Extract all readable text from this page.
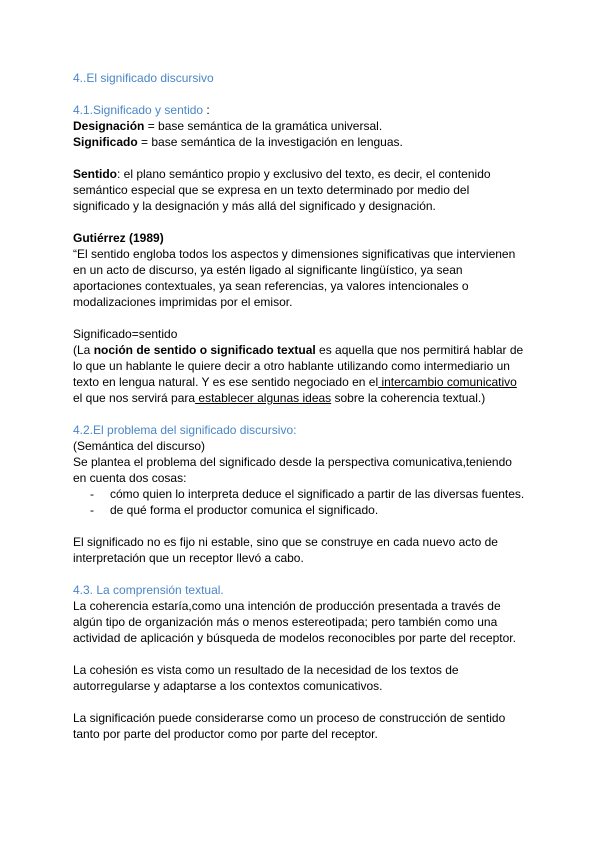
4..El significado discursivo
4.1.Significado y sentido :
Designación = base semántica de la gramática universal.
Significado = base semántica de la investigación en lenguas.
Sentido: el plano semántico propio y exclusivo del texto, es decir, el contenido
semántico especial que se expresa en un texto determinado por medio del
significado y la designación y más allá del significado y designación.
Gutiérrez (1989)
“El sentido engloba todos los aspectos y dimensiones significativas que intervienen
en un acto de discurso, ya estén ligado al significante lingüístico, ya sean
aportaciones contextuales, ya sean referencias, ya valores intencionales o
modalizaciones imprimidas por el emisor.
Significado=sentido
(La noción de sentido o significado textual es aquella que nos permitirá hablar de
lo que un hablante le quiere decir a otro hablante utilizando como intermediario un
texto en lengua natural. Y es ese sentido negociado en el intercambio comunicativo
el que nos servirá para establecer algunas ideas sobre la coherencia textual.)
4.2.El problema del significado discursivo:
(Semántica del discurso)
Se plantea el problema del significado desde la perspectiva comunicativa,teniendo
en cuenta dos cosas:
- cómo quien lo interpreta deduce el significado a partir de las diversas fuentes.
- de qué forma el productor comunica el significado.
El significado no es fijo ni estable, sino que se construye en cada nuevo acto de
interpretación que un receptor llevó a cabo.
4.3. La comprensión textual.
La coherencia estaría,como una intención de producción presentada a través de
algún tipo de organización más o menos estereotipada; pero también como una
actividad de aplicación y búsqueda de modelos reconocibles por parte del receptor.
La cohesión es vista como un resultado de la necesidad de los textos de
autorregularse y adaptarse a los contextos comunicativos.
La significación puede considerarse como un proceso de construcción de sentido
tanto por parte del productor como por parte del receptor.
